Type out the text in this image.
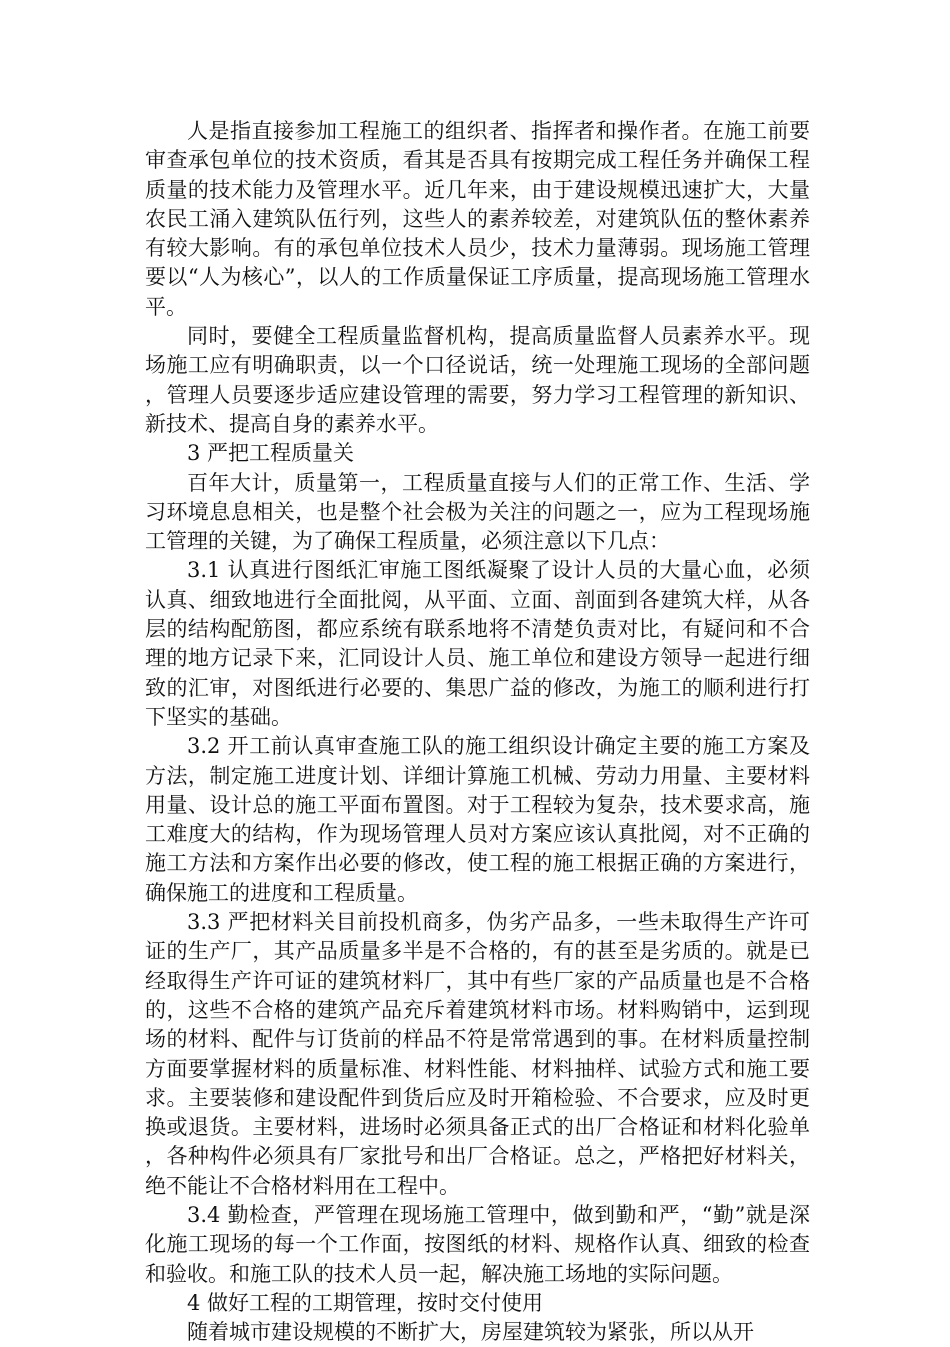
人是指直接参加工程施工的组织者、指挥者和操作者。在施工前要审查承包单位的技术资质，看其是否具有按期完成工程任务并确保工程质量的技术能力及管理水平。近几年来，由于建设规模迅速扩大，大量农民工涌入建筑队伍行列，这些人的素养较差，对建筑队伍的整休素养有较大影响。有的承包单位技术人员少，技术力量薄弱。现场施工管理要以“人为核心”，以人的工作质量保证工序质量，提高现场施工管理水平。

同时，要健全工程质量监督机构，提高质量监督人员素养水平。现场施工应有明确职责，以一个口径说话，统一处理施工现场的全部问题，管理人员要逐步适应建设管理的需要，努力学习工程管理的新知识、新技术、提高自身的素养水平。

3 严把工程质量关

百年大计，质量第一，工程质量直接与人们的正常工作、生活、学习环境息息相关，也是整个社会极为关注的问题之一，应为工程现场施工管理的关键，为了确保工程质量，必须注意以下几点：

3.1 认真进行图纸汇审施工图纸凝聚了设计人员的大量心血，必须认真、细致地进行全面批阅，从平面、立面、剖面到各建筑大样，从各层的结构配筋图，都应系统有联系地将不清楚负责对比，有疑问和不合理的地方记录下来，汇同设计人员、施工单位和建设方领导一起进行细致的汇审，对图纸进行必要的、集思广益的修改，为施工的顺利进行打下坚实的基础。

3.2 开工前认真审查施工队的施工组织设计确定主要的施工方案及方法，制定施工进度计划、详细计算施工机械、劳动力用量、主要材料用量、设计总的施工平面布置图。对于工程较为复杂，技术要求高，施工难度大的结构，作为现场管理人员对方案应该认真批阅，对不正确的施工方法和方案作出必要的修改，使工程的施工根据正确的方案进行，确保施工的进度和工程质量。

3.3 严把材料关目前投机商多，伪劣产品多，一些未取得生产许可证的生产厂，其产品质量多半是不合格的，有的甚至是劣质的。就是已经取得生产许可证的建筑材料厂，其中有些厂家的产品质量也是不合格的，这些不合格的建筑产品充斥着建筑材料市场。材料购销中，运到现场的材料、配件与订货前的样品不符是常常遇到的事。在材料质量控制方面要掌握材料的质量标准、材料性能、材料抽样、试验方式和施工要求。主要装修和建设配件到货后应及时开箱检验、不合要求，应及时更换或退货。主要材料，进场时必须具备正式的出厂合格证和材料化验单，各种构件必须具有厂家批号和出厂合格证。总之，严格把好材料关，绝不能让不合格材料用在工程中。

3.4 勤检查，严管理在现场施工管理中，做到勤和严，“勤”就是深化施工现场的每一个工作面，按图纸的材料、规格作认真、细致的检查和验收。和施工队的技术人员一起，解决施工场地的实际问题。

4 做好工程的工期管理，按时交付使用

随着城市建设规模的不断扩大，房屋建筑较为紧张，所以从开
